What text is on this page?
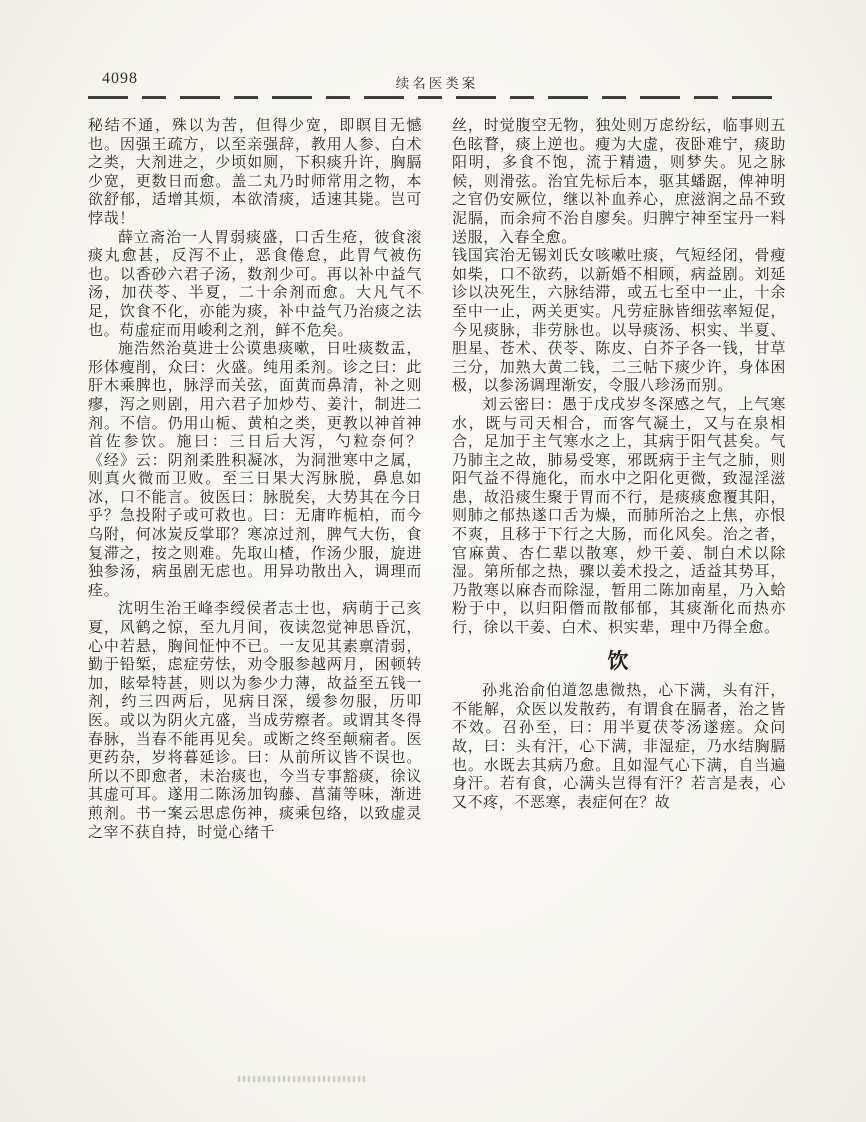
4098	续名医类案

秘结不通，殊以为苦，但得少宽，即瞑目无憾也。因强王疏方，以至亲强辞，教用人参、白术之类，大剂进之，少顷如厕，下积痰升许，胸膈少宽，更数日而愈。盖二丸乃时师常用之物，本欲舒郁，适增其烦，本欲清痰，适速其毙。岂可悖哉！

薛立斋治一人胃弱痰盛，口舌生疮，彼食滚痰丸愈甚，反泻不止，恶食倦怠，此胃气被伤也。以香砂六君子汤，数剂少可。再以补中益气汤，加茯苓、半夏，二十余剂而愈。大凡气不足，饮食不化，亦能为痰，补中益气乃治痰之法也。苟虚症而用峻利之剂，鲜不危矣。

施浩然治莫进士公谟患痰嗽，日吐痰数盂，形体瘦削，众曰：火盛。纯用柔剂。诊之曰：此肝木乘脾也，脉浮而关弦，面黄而鼻清，补之则瘳，泻之则剧，用六君子加炒芍、姜汁，制进二剂。不信。仍用山栀、黄柏之类，更教以神首神首佐参饮。施曰：三日后大泻，勺粒奈何？《经》云：阴剂柔胜积凝冰，为洞泄寒中之属，则真火微而卫败。至三日果大泻脉脱，鼻息如冰，口不能言。彼医曰：脉脱矣，大势其在今日乎？急投附子或可救也。曰：无庸昨栀柏，而今乌附，何冰炭反掌耶？寒凉过剂，脾气大伤，食复滞之，按之则难。先取山楂，作汤少服，旋进独参汤，病虽剧无虑也。用异功散出入，调理而痊。

沈明生治王峰李绶侯者志士也，病萌于己亥夏，风鹤之惊，至九月间，夜读忽觉神思昏沉，心中若悬，胸间怔忡不已。一友见其素禀清弱，勤于铅椠，虑症劳怯，劝令服参越两月，困顿转加，眩晕特甚，则以为参少力薄，故益至五钱一剂，约三四两后，见病日深，缓参勿服，历叩医。或以为阴火亢盛，当成劳瘵者。或谓其冬得春脉，当春不能再见矣。或断之终至颠痫者。医更药杂，岁将暮延诊。曰：从前所议皆不误也。所以不即愈者，未治痰也，今当专事豁痰，徐议其虚可耳。遂用二陈汤加钩藤、菖蒲等味，渐进煎剂。书一案云思虑伤神，痰乘包络，以致虚灵之宰不获自持，时觉心绪千

丝，时觉腹空无物，独处则万虑纷纭，临事则五色眩瞀，痰上逆也。瘦为大虚，夜卧难宁，痰助阳明，多食不饱，流于精遗，则梦失。见之脉候，则滑弦。治宜先标后本，驱其蟠踞，俾神明之官仍安厥位，继以补血养心，庶滋润之品不致泥膈，而余疴不治自廖矣。归脾宁神至宝丹一料送服，入春全愈。

钱国宾治无锡刘氏女咳嗽吐痰，气短经闭，骨瘦如柴，口不欲药，以新婚不相顾，病益剧。刘延诊以决死生，六脉结滞，或五七至中一止，十余至中一止，两关更实。凡劳症脉皆细弦率短促，今见痰脉，非劳脉也。以导痰汤、枳实、半夏、胆星、苍术、茯苓、陈皮、白芥子各一钱，甘草三分，加熟大黄二钱，二三帖下痰少许，身体困极，以参汤调理渐安，令服八珍汤而别。

刘云密曰：愚于戊戌岁冬深感之气，上气寒水，既与司天相合，而客气凝土，又与在泉相合，足加于主气寒水之上，其病于阳气甚矣。气乃肺主之故，肺易受寒，邪既病于主气之肺，则阳气益不得施化，而水中之阳化更微，致湿淫滋患，故沿痰生聚于胃而不行，是痰痰愈覆其阳，则肺之郁热遂口舌为燥，而肺所治之上焦，亦恨不爽，且移于下行之大肠，而化风矣。治之者，官麻黄、杏仁辈以散寒，炒干姜、制白术以除湿。第所郁之热，骤以姜术投之，适益其势耳，乃散寒以麻杏而除湿，暂用二陈加南星，乃入蛤粉于中，以归阳僭而散郁郁，其痰渐化而热亦行，徐以干姜、白术、枳实辈，理中乃得全愈。

饮

孙兆治俞伯道忽患微热，心下满，头有汗，不能解，众医以发散药，有谓食在膈者，治之皆不效。召孙至，曰：用半夏茯苓汤遂瘥。众问故，曰：头有汗，心下满，非湿症，乃水结胸膈也。水既去其病乃愈。且如湿气心下满，自当遍身汗。若有食，心满头岂得有汗？若言是表，心又不疼，不恶寒，表症何在？故
